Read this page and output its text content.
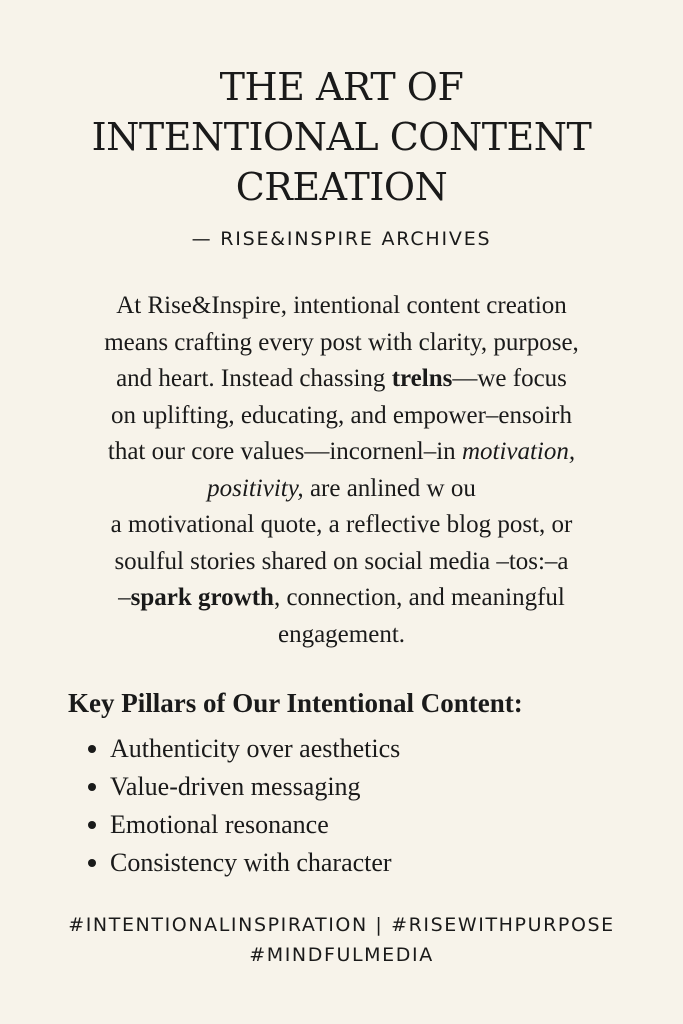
THE ART OF
INTENTIONAL CONTENT
CREATION
— RISE&INSPIRE ARCHIVES
At Rise&Inspire, intentional content creation
means crafting every post with clarity, purpose,
and heart. Instead chassing trelns—we focus
on uplifting, educating, and empower–ensoirh
that our core values—incornenl–in motivation,
positivity, are anlined w ou
a motivational quote, a reflective blog post, or
soulful stories shared on social media –tos:–a
–spark growth, connection, and meaningful
engagement.
Key Pillars of Our Intentional Content:
Authenticity over aesthetics
Value-driven messaging
Emotional resonance
Consistency with character
#INTENTIONALINSPIRATION | #RISEWITHPURPOSE
#MINDFULMEDIA
